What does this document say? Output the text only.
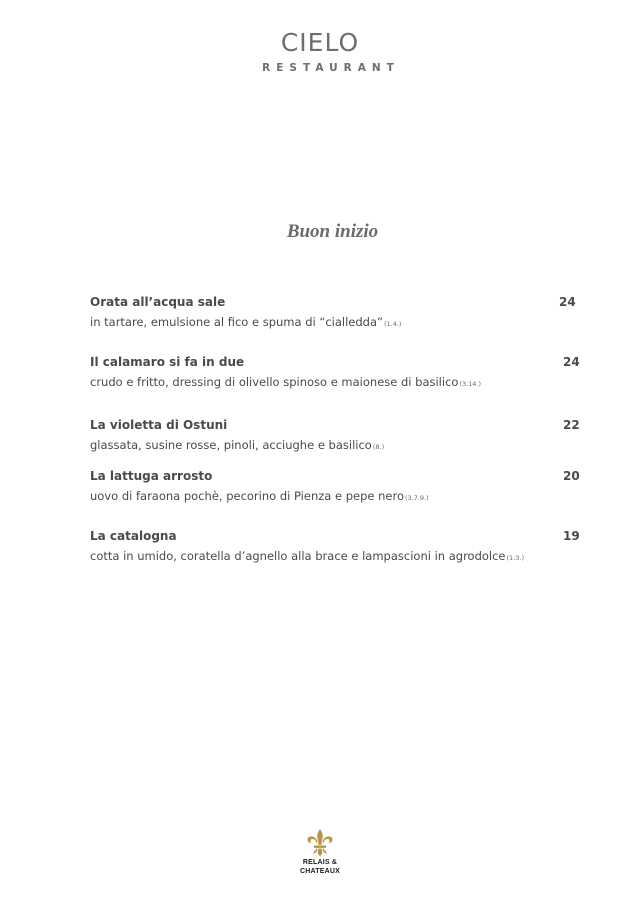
CIELO
RESTAURANT
Buon inizio
Orata all’acqua sale	24
in tartare, emulsione al fico e spuma di “cialledda”(1.4.)
Il calamaro si fa in due	24
crudo e fritto, dressing di olivello spinoso e maionese di basilico(3.14.)
La violetta di Ostuni	22
glassata, susine rosse, pinoli, acciughe e basilico(8.)
La lattuga arrosto	20
uovo di faraona pochè, pecorino di Pienza e pepe nero(3.7.9.)
La catalogna	19
cotta in umido, coratella d’agnello alla brace e lampascioni in agrodolce(1.3.)
RELAIS &
CHATEAUX
